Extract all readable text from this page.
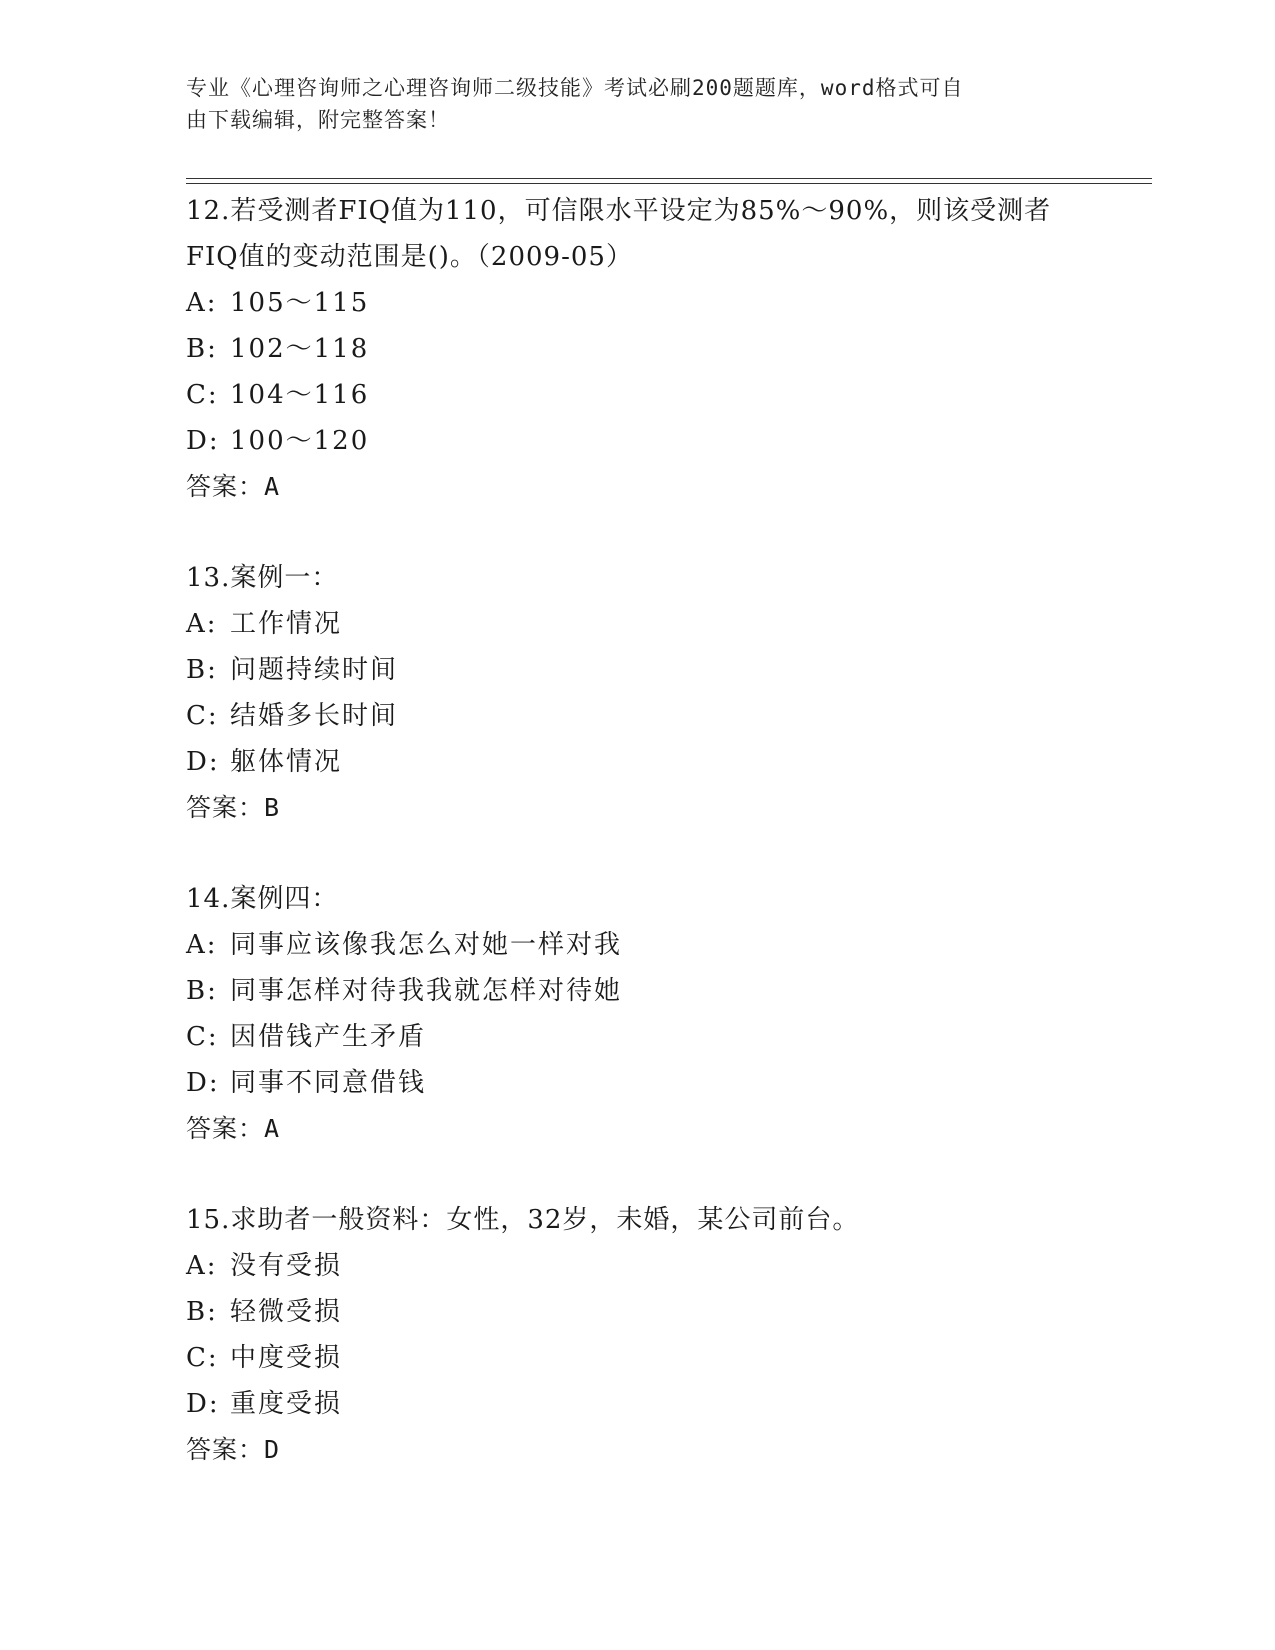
专业《心理咨询师之心理咨询师二级技能》考试必刷200题题库，word格式可自
由下载编辑，附完整答案！
12.若受测者FIQ值为110，可信限水平设定为85%～90%，则该受测者
FIQ值的变动范围是()。（2009-05）
A: 105～115
B: 102～118
C: 104～116
D: 100～120
答案：A
13.案例一：
A: 工作情况
B: 问题持续时间
C: 结婚多长时间
D: 躯体情况
答案：B
14.案例四：
A: 同事应该像我怎么对她一样对我
B: 同事怎样对待我我就怎样对待她
C: 因借钱产生矛盾
D: 同事不同意借钱
答案：A
15.求助者一般资料：女性，32岁，未婚，某公司前台。
A: 没有受损
B: 轻微受损
C: 中度受损
D: 重度受损
答案：D
